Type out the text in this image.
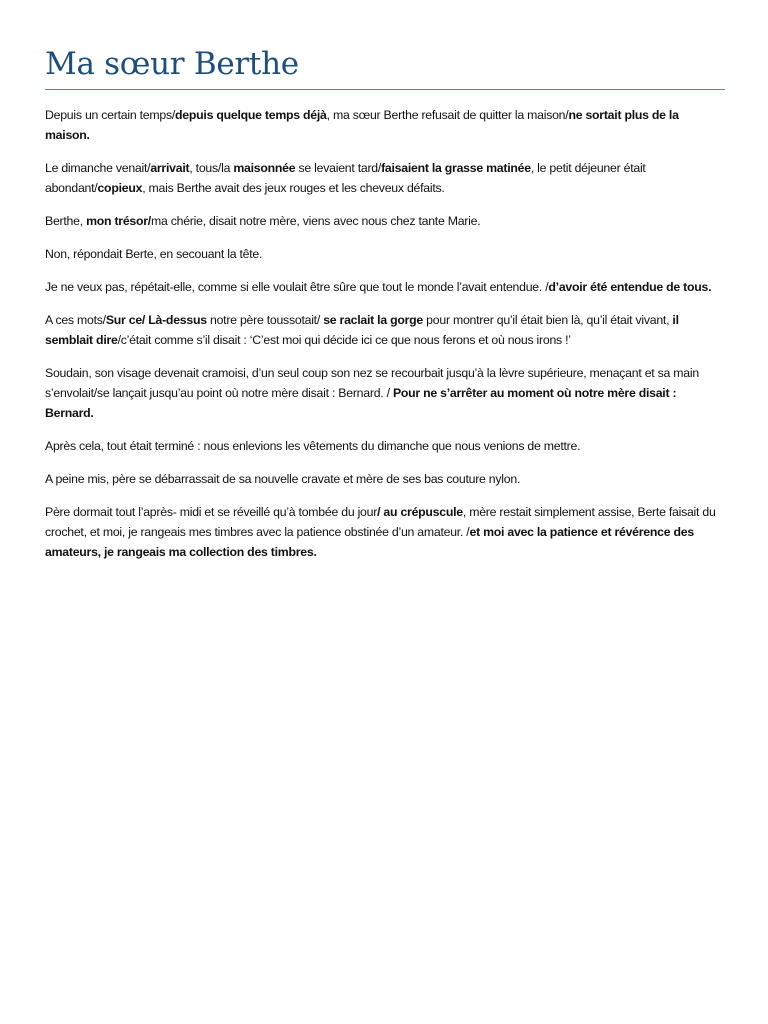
Ma sœur Berthe

Depuis un certain temps/depuis quelque temps déjà, ma sœur Berthe refusait de quitter la maison/ne sortait plus de la maison.

Le dimanche venait/arrivait, tous/la maisonnée se levaient tard/faisaient la grasse matinée, le petit déjeuner était abondant/copieux, mais Berthe avait des jeux rouges et les cheveux défaits.

Berthe, mon trésor/ma chérie, disait notre mère, viens avec nous chez tante Marie.

Non, répondait Berte, en secouant la tête.

Je ne veux pas, répétait-elle, comme si elle voulait être sûre que tout le monde l’avait entendue. /d’avoir été entendue de tous.

A ces mots/Sur ce/ Là-dessus notre père toussotait/ se raclait la gorge pour montrer qu’il était bien là, qu’il était vivant, il semblait dire/c’était comme s’il disait : ‘C’est moi qui décide ici ce que nous ferons et où nous irons !’

Soudain, son visage devenait cramoisi, d’un seul coup son nez se recourbait jusqu’à la lèvre supérieure, menaçant et sa main s’envolait/se lançait jusqu’au point où notre mère disait : Bernard. / Pour ne s’arrêter au moment où notre mère disait : Bernard.

Après cela, tout était terminé : nous enlevions les vêtements du dimanche que nous venions de mettre.

A peine mis, père se débarrassait de sa nouvelle cravate et mère de ses bas couture nylon.

Père dormait tout l’après- midi et se réveillé qu’à tombée du jour/ au crépuscule, mère restait simplement assise, Berte faisait du crochet, et moi, je rangeais mes timbres avec la patience obstinée d’un amateur. /et moi avec la patience et révérence des amateurs, je rangeais ma collection des timbres.
